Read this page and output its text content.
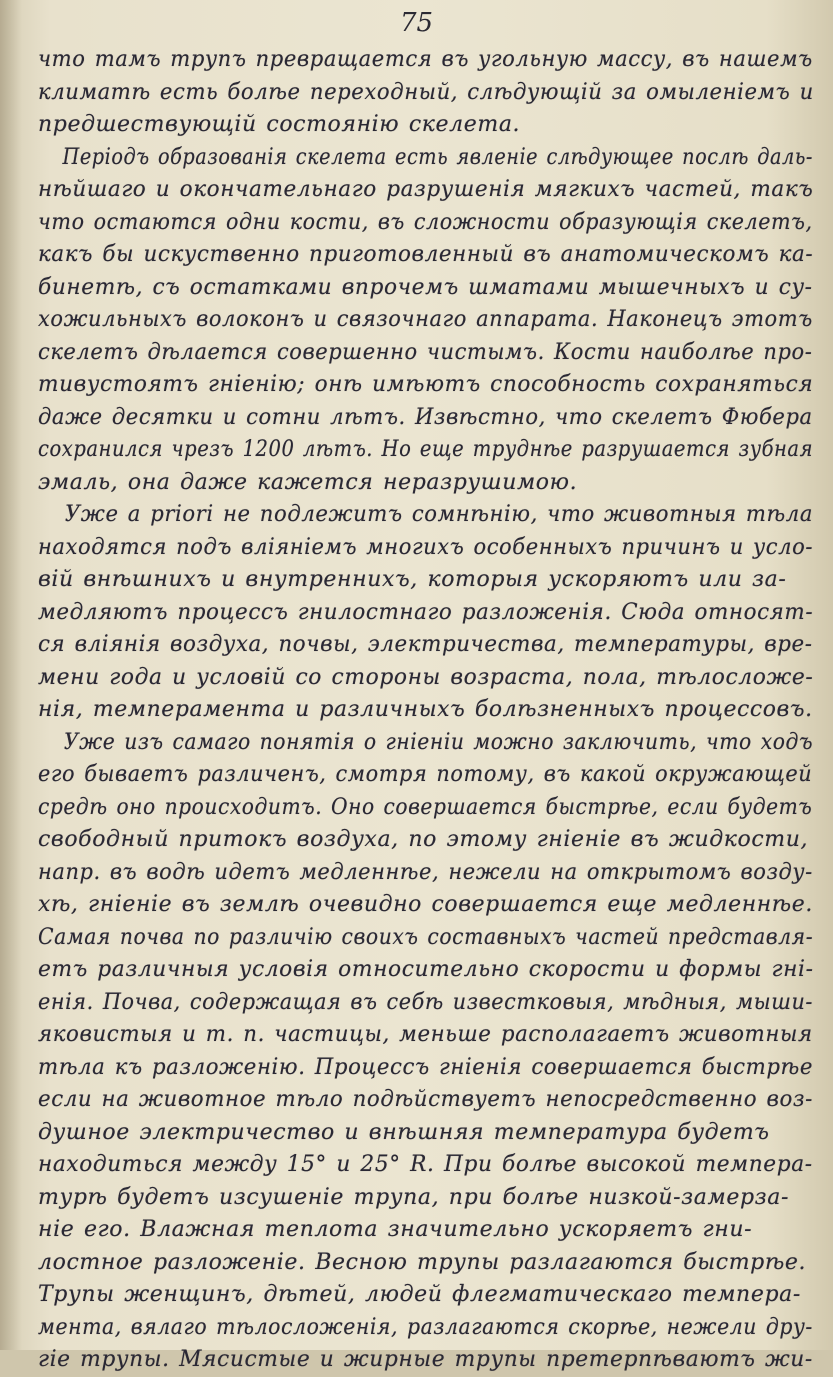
75
что тамъ трупъ превращается въ угольную массу, въ нашемъ
климатѣ есть болѣе переходный, слѣдующій за омыленіемъ и
предшествующій состоянію скелета.
Періодъ образованія скелета есть явленіе слѣдующее послѣ даль-
нѣйшаго и окончательнаго разрушенія мягкихъ частей, такъ
что остаются одни кости, въ сложности образующія скелетъ,
какъ бы искуственно приготовленный въ анатомическомъ ка-
бинетѣ, съ остатками впрочемъ шматами мышечныхъ и су-
хожильныхъ волоконъ и связочнаго аппарата. Наконецъ этотъ
скелетъ дѣлается совершенно чистымъ. Кости наиболѣе про-
тивустоятъ гніенію; онѣ имѣютъ способность сохраняться
даже десятки и сотни лѣтъ. Извѣстно, что скелетъ Фюбера
сохранился чрезъ 1200 лѣтъ. Но еще труднѣе разрушается зубная
эмаль, она даже кажется неразрушимою.
Уже а priori не подлежитъ сомнѣнію, что животныя тѣла
находятся подъ вліяніемъ многихъ особенныхъ причинъ и усло-
вій внѣшнихъ и внутреннихъ, которыя ускоряютъ или за-
медляютъ процессъ гнилостнаго разложенія. Сюда относят-
ся вліянія воздуха, почвы, электричества, температуры, вре-
мени года и условій со стороны возраста, пола, тѣлосложе-
нія, темперамента и различныхъ болѣзненныхъ процессовъ.
Уже изъ самаго понятія о гніеніи можно заключить, что ходъ
его бываетъ различенъ, смотря потому, въ какой окружающей
средѣ оно происходитъ. Оно совершается быстрѣе, если будетъ
свободный притокъ воздуха, по этому гніеніе въ жидкости,
напр. въ водѣ идетъ медленнѣе, нежели на открытомъ возду-
хѣ, гніеніе въ землѣ очевидно совершается еще медленнѣе.
Самая почва по различію своихъ составныхъ частей представля-
етъ различныя условія относительно скорости и формы гні-
енія. Почва, содержащая въ себѣ известковыя, мѣдныя, мыши-
яковистыя и т. п. частицы, меньше располагаетъ животныя
тѣла къ разложенію. Процессъ гніенія совершается быстрѣе
если на животное тѣло подѣйствуетъ непосредственно воз-
душное электричество и внѣшняя температура будетъ
находиться между 15° и 25° R. При болѣе высокой темпера-
турѣ будетъ изсушеніе трупа, при болѣе низкой-замерза-
ніе его. Влажная теплота значительно ускоряетъ гни-
лостное разложеніе. Весною трупы разлагаются быстрѣе.
Трупы женщинъ, дѣтей, людей флегматическаго темпера-
мента, вялаго тѣлосложенія, разлагаются скорѣе, нежели дру-
гіе трупы. Мясистые и жирные трупы претерпѣваютъ жи-
